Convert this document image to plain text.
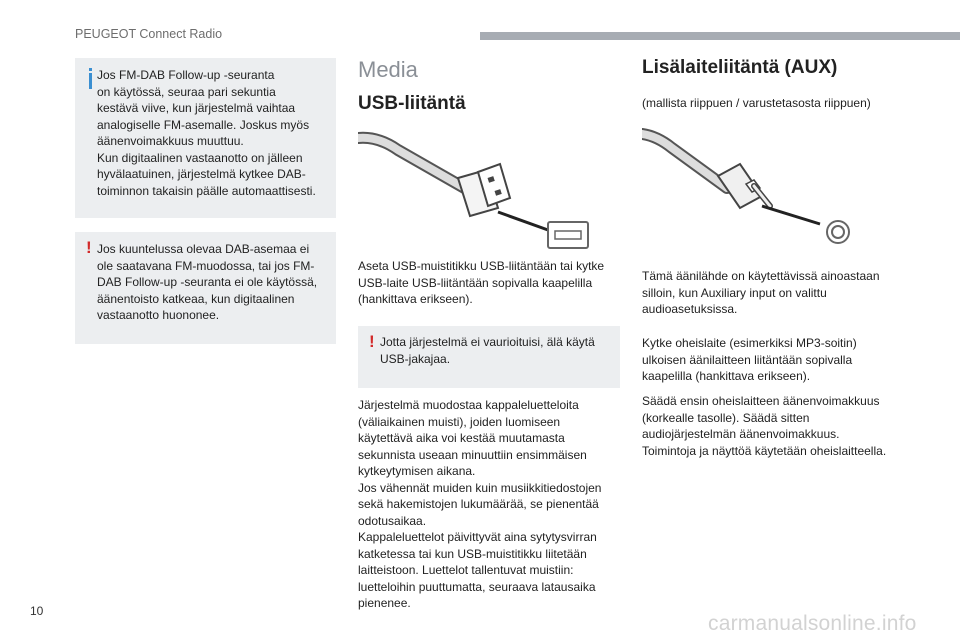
PEUGEOT Connect Radio

Jos FM-DAB Follow-up -seuranta
on käytössä, seuraa pari sekuntia
kestävä viive, kun järjestelmä vaihtaa
analogiselle FM-asemalle. Joskus myös
äänenvoimakkuus muuttuu.
Kun digitaalinen vastaanotto on jälleen
hyvälaatuinen, järjestelmä kytkee DAB-
toiminnon takaisin päälle automaattisesti.

! Jos kuuntelussa olevaa DAB-asemaa ei
ole saatavana FM-muodossa, tai jos FM-
DAB Follow-up -seuranta ei ole käytössä,
äänentoisto katkeaa, kun digitaalinen
vastaanotto huononee.

Media
USB-liitäntä

Aseta USB-muistitikku USB-liitäntään tai kytke
USB-laite USB-liitäntään sopivalla kaapelilla
(hankittava erikseen).

! Jotta järjestelmä ei vaurioituisi, älä käytä
USB-jakajaa.

Järjestelmä muodostaa kappaleluetteloita
(väliaikainen muisti), joiden luomiseen
käytettävä aika voi kestää muutamasta
sekunnista useaan minuuttiin ensimmäisen
kytkeytymisen aikana.
Jos vähennät muiden kuin musiikkitiedostojen
sekä hakemistojen lukumäärää, se pienentää
odotusaikaa.
Kappaleluettelot päivittyvät aina sytytysvirran
katketessa tai kun USB-muistitikku liitetään
laitteistoon. Luettelot tallentuvat muistiin:
luetteloihin puuttumatta, seuraava latausaika
pienenee.

Lisälaiteliitäntä (AUX)

(mallista riippuen / varustetasosta riippuen)

Tämä äänilähde on käytettävissä ainoastaan
silloin, kun Auxiliary input on valittu
audioasetuksissa.

Kytke oheislaite (esimerkiksi MP3-soitin)
ulkoisen äänilaitteen liitäntään sopivalla
kaapelilla (hankittava erikseen).

Säädä ensin oheislaitteen äänenvoimakkuus
(korkealle tasolle). Säädä sitten
audiojärjestelmän äänenvoimakkuus.
Toimintoja ja näyttöä käytetään oheislaitteella.

10
carmanualsonline.info
